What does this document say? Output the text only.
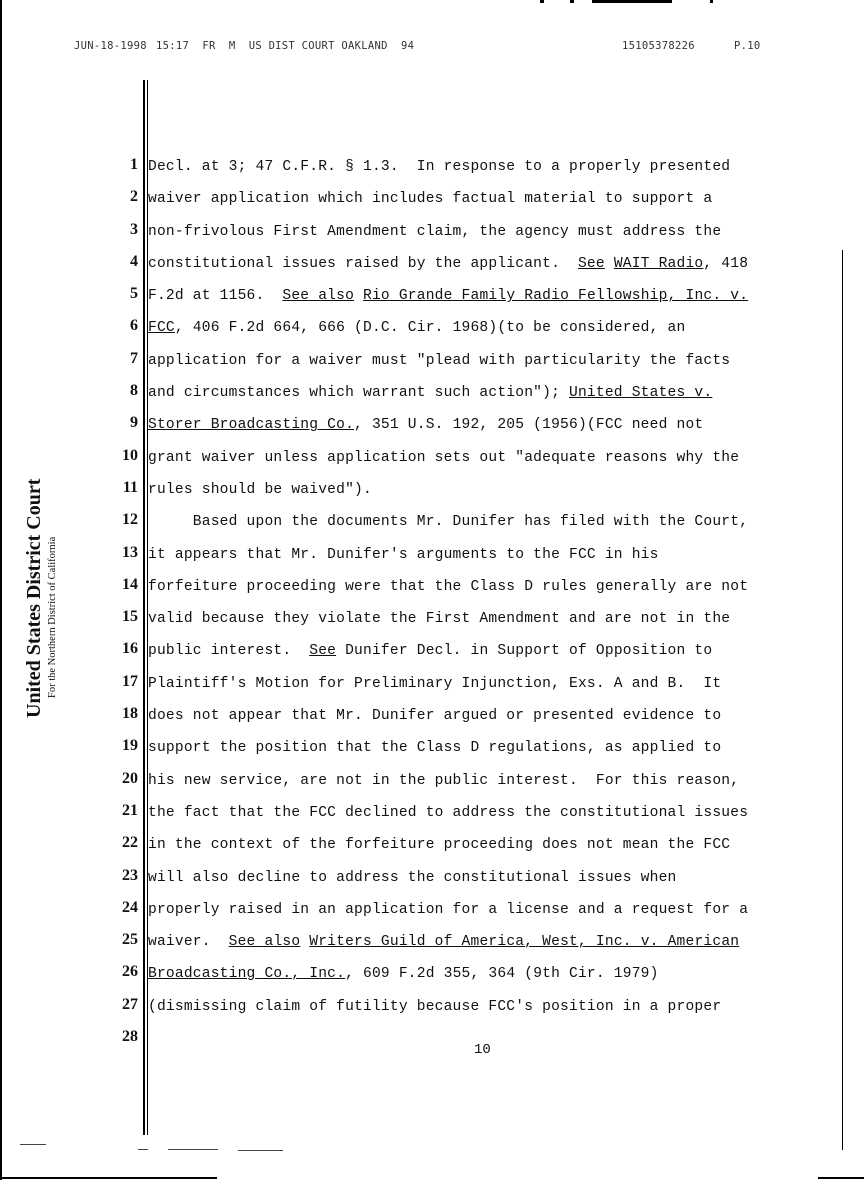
JUN-18-1998

15:17  FR  M  US DIST COURT OAKLAND  94

	15105378226

	P.10

United States District Court For the Northern District of California
1
2
3
4
5
6
7
8
9
10
11
12
13
14
15
16
17
18
19
20
21
22
23
24
25
26
27
28
Decl. at 3; 47 C.F.R. § 1.3.  In response to a properly presented
waiver application which includes factual material to support a
non-frivolous First Amendment claim, the agency must address the
constitutional issues raised by the applicant.  See WAIT Radio, 418
F.2d at 1156.  See also Rio Grande Family Radio Fellowship, Inc. v.
FCC, 406 F.2d 664, 666 (D.C. Cir. 1968)(to be considered, an
application for a waiver must "plead with particularity the facts
and circumstances which warrant such action"); United States v.
Storer Broadcasting Co., 351 U.S. 192, 205 (1956)(FCC need not
grant waiver unless application sets out "adequate reasons why the
rules should be waived").
Based upon the documents Mr. Dunifer has filed with the Court,
it appears that Mr. Dunifer's arguments to the FCC in his
forfeiture proceeding were that the Class D rules generally are not
valid because they violate the First Amendment and are not in the
public interest.  See Dunifer Decl. in Support of Opposition to
Plaintiff's Motion for Preliminary Injunction, Exs. A and B.  It
does not appear that Mr. Dunifer argued or presented evidence to
support the position that the Class D regulations, as applied to
his new service, are not in the public interest.  For this reason,
the fact that the FCC declined to address the constitutional issues
in the context of the forfeiture proceeding does not mean the FCC
will also decline to address the constitutional issues when
properly raised in an application for a license and a request for a
waiver.  See also Writers Guild of America, West, Inc. v. American
Broadcasting Co., Inc., 609 F.2d 355, 364 (9th Cir. 1979)
(dismissing claim of futility because FCC's position in a proper
10
